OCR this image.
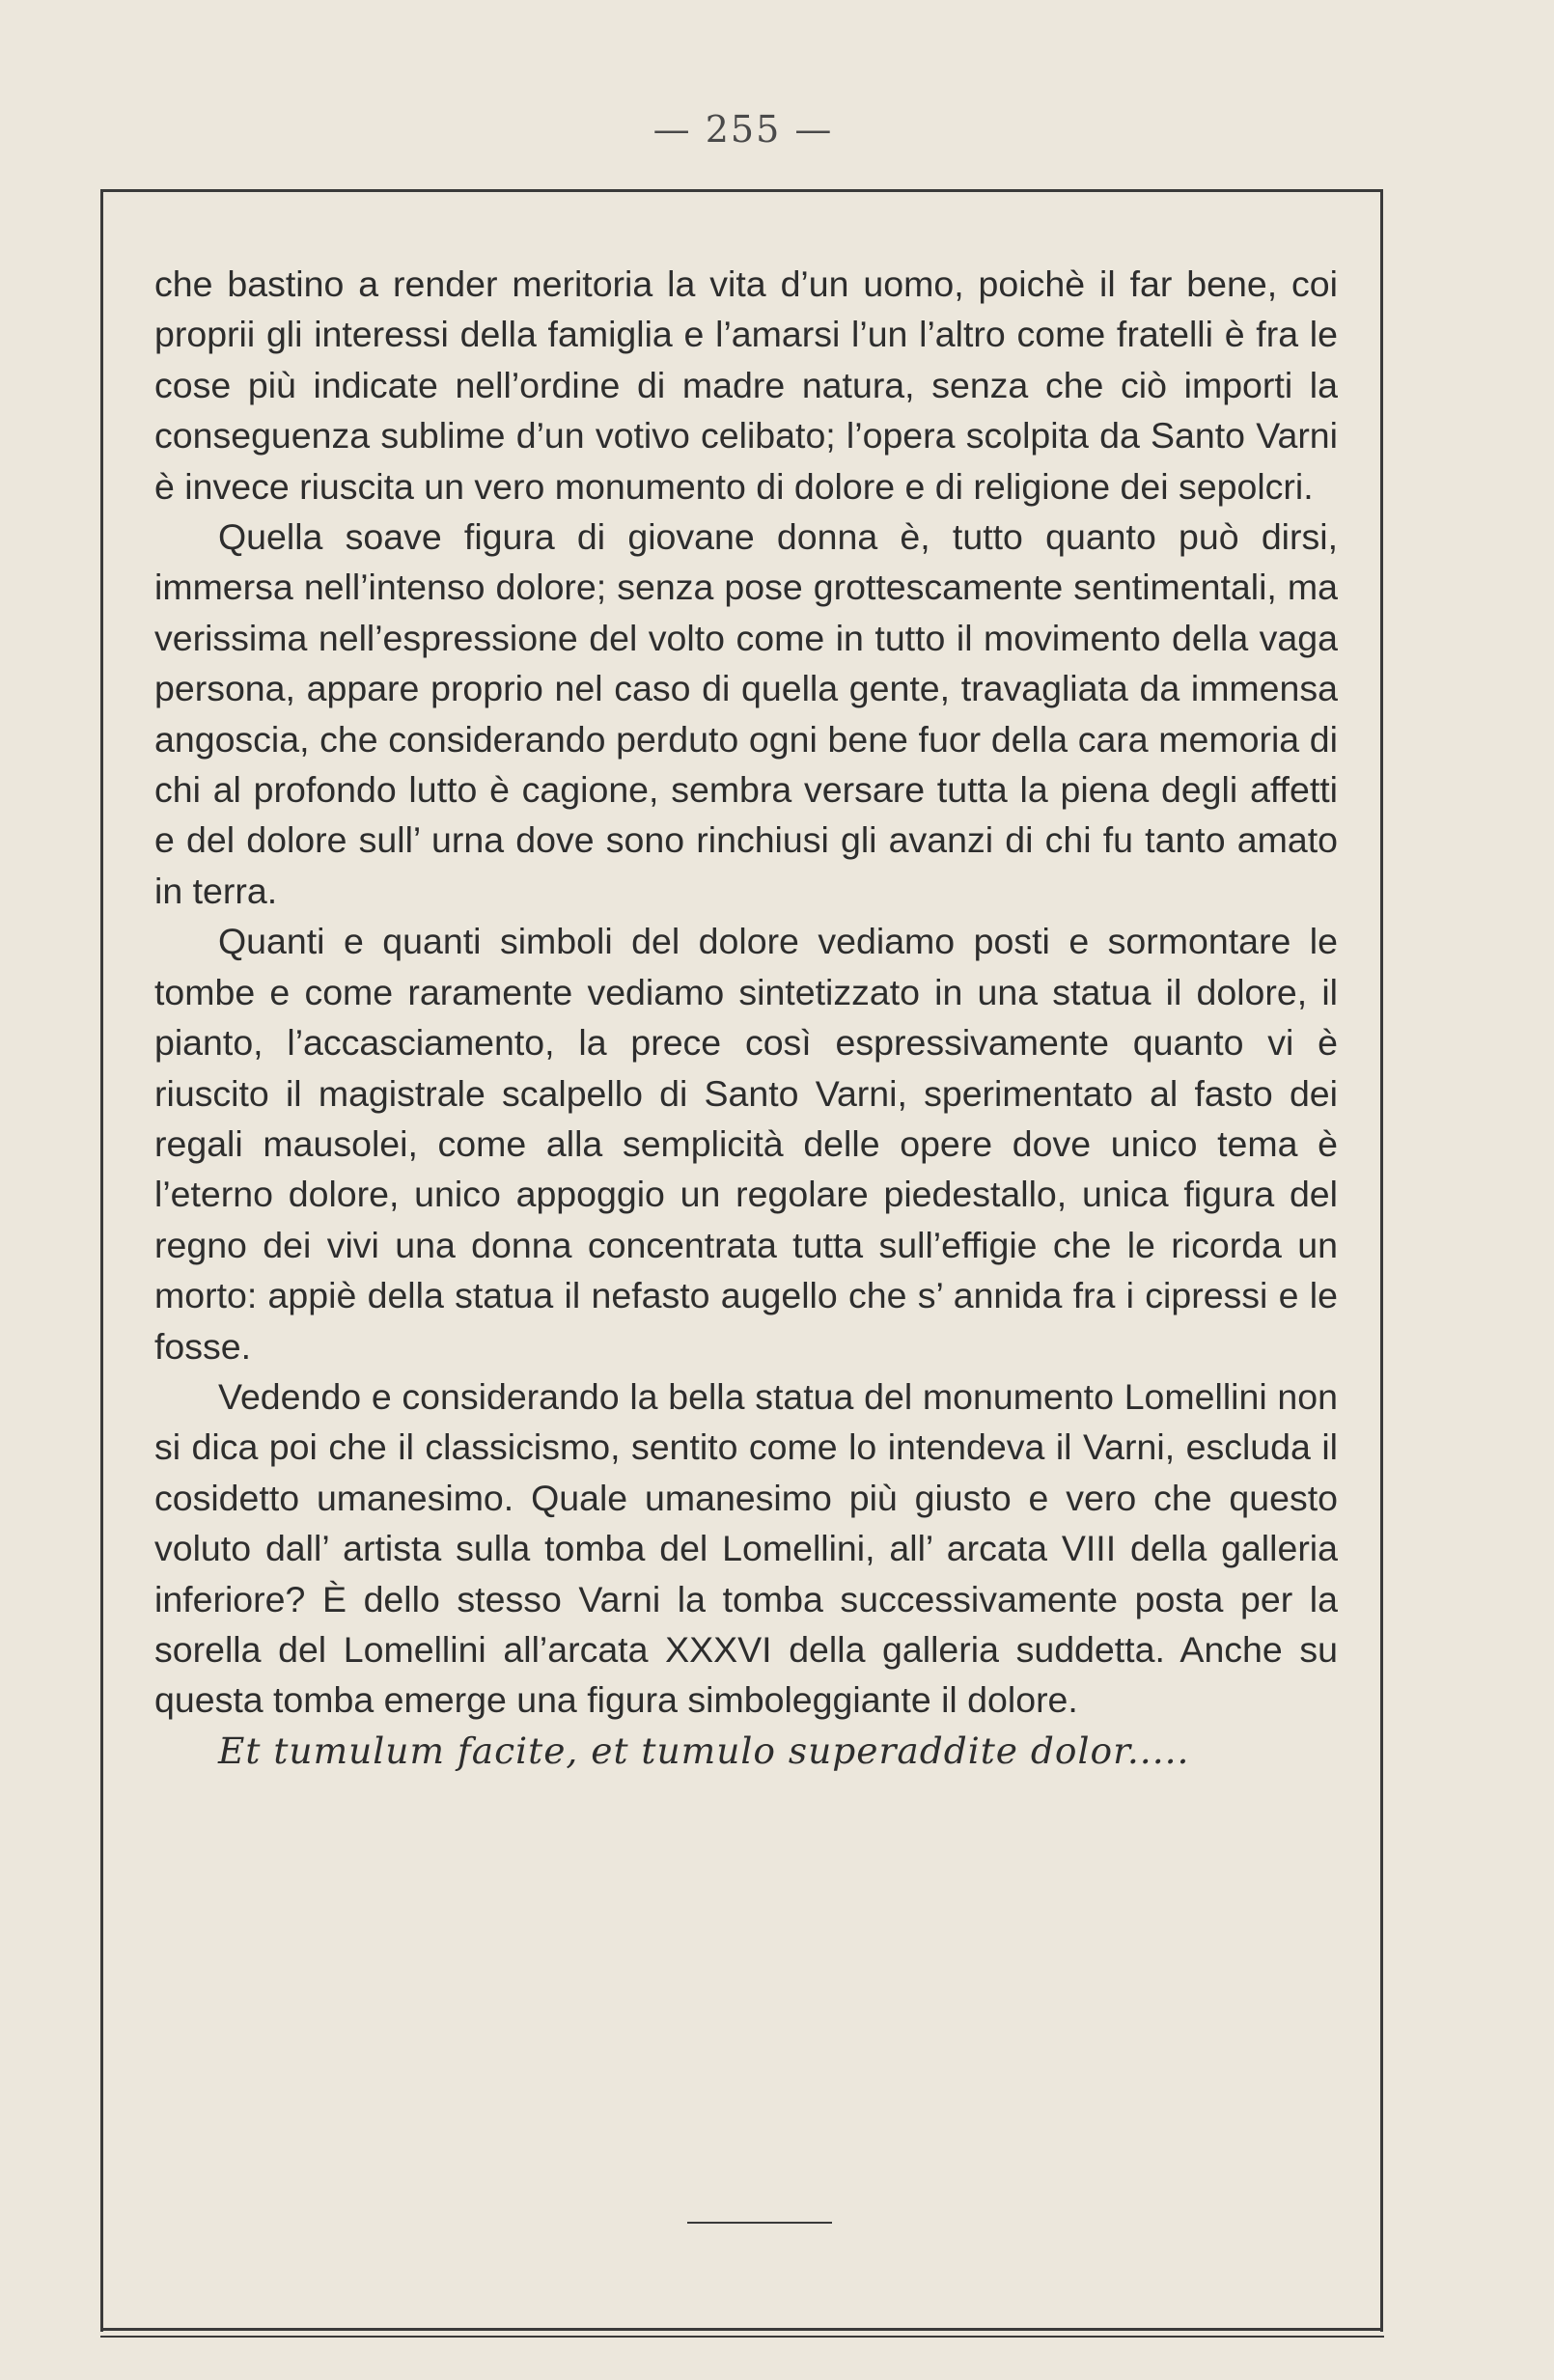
— 255 —

che bastino a render meritoria la vita d’un uomo, poichè il far bene, coi proprii gli interessi della famiglia e l’amarsi l’un l’altro come fratelli è fra le cose più indicate nell’ordine di madre natura, senza che ciò importi la conseguenza sublime d’un votivo celibato; l’opera scolpita da Santo Varni è invece riuscita un vero monumento di dolore e di religione dei sepolcri.

Quella soave figura di giovane donna è, tutto quanto può dirsi, immersa nell’intenso dolore; senza pose grottescamente sentimentali, ma verissima nell’espressione del volto come in tutto il movimento della vaga persona, appare proprio nel caso di quella gente, travagliata da immensa angoscia, che considerando perduto ogni bene fuor della cara memoria di chi al profondo lutto è cagione, sembra versare tutta la piena degli affetti e del dolore sull’ urna dove sono rinchiusi gli avanzi di chi fu tanto amato in terra.

Quanti e quanti simboli del dolore vediamo posti e sormontare le tombe e come raramente vediamo sintetizzato in una statua il dolore, il pianto, l’accasciamento, la prece così espressivamente quanto vi è riuscito il magistrale scalpello di Santo Varni, sperimentato al fasto dei regali mausolei, come alla semplicità delle opere dove unico tema è l’eterno dolore, unico appoggio un regolare piedestallo, unica figura del regno dei vivi una donna concentrata tutta sull’effigie che le ricorda un morto: appiè della statua il nefasto augello che s’ annida fra i cipressi e le fosse.

Vedendo e considerando la bella statua del monumento Lomellini non si dica poi che il classicismo, sentito come lo intendeva il Varni, escluda il cosidetto umanesimo. Quale umanesimo più giusto e vero che questo voluto dall’ artista sulla tomba del Lomellini, all’ arcata VIII della galleria inferiore? È dello stesso Varni la tomba successivamente posta per la sorella del Lomellini all’arcata XXXVI della galleria suddetta. Anche su questa tomba emerge una figura simboleggiante il dolore.

Et tumulum facite, et tumulo superaddite dolor.....
